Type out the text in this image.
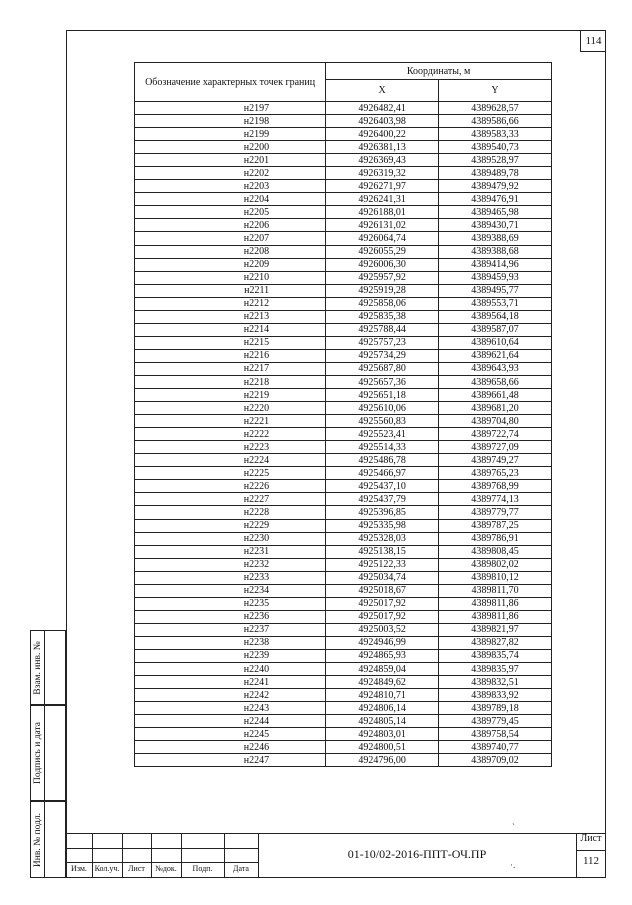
114
Обозначение характерных точек границ	Координаты, м	
	X	Y
н2197	4926482,41	4389628,57
н2198	4926403,98	4389586,66
н2199	4926400,22	4389583,33
н2200	4926381,13	4389540,73
н2201	4926369,43	4389528,97
н2202	4926319,32	4389489,78
н2203	4926271,97	4389479,92
н2204	4926241,31	4389476,91
н2205	4926188,01	4389465,98
н2206	4926131,02	4389430,71
н2207	4926064,74	4389388,69
н2208	4926055,29	4389388,68
н2209	4926006,30	4389414,96
н2210	4925957,92	4389459,93
н2211	4925919,28	4389495,77
н2212	4925858,06	4389553,71
н2213	4925835,38	4389564,18
н2214	4925788,44	4389587,07
н2215	4925757,23	4389610,64
н2216	4925734,29	4389621,64
н2217	4925687,80	4389643,93
н2218	4925657,36	4389658,66
н2219	4925651,18	4389661,48
н2220	4925610,06	4389681,20
н2221	4925560,83	4389704,80
н2222	4925523,41	4389722,74
н2223	4925514,33	4389727,09
н2224	4925486,78	4389749,27
н2225	4925466,97	4389765,23
н2226	4925437,10	4389768,99
н2227	4925437,79	4389774,13
н2228	4925396,85	4389779,77
н2229	4925335,98	4389787,25
н2230	4925328,03	4389786,91
н2231	4925138,15	4389808,45
н2232	4925122,33	4389802,02
н2233	4925034,74	4389810,12
н2234	4925018,67	4389811,70
н2235	4925017,92	4389811,86
н2236	4925017,92	4389811,86
н2237	4925003,52	4389821,97
н2238	4924946,99	4389827,82
н2239	4924865,93	4389835,74
н2240	4924859,04	4389835,97
н2241	4924849,62	4389832,51
н2242	4924810,71	4389833,92
н2243	4924806,14	4389789,18
н2244	4924805,14	4389779,45
н2245	4924803,01	4389758,54
н2246	4924800,51	4389740,77
н2247	4924796,00	4389709,02
Взам. инв. №
Подпись и дата
Инв. № подл.
Изм. Кол.уч.	Лист	№док.	Подп.	Дата
01-10/02-2016-ППТ-ОЧ.ПР
Лист
112
`
·.
